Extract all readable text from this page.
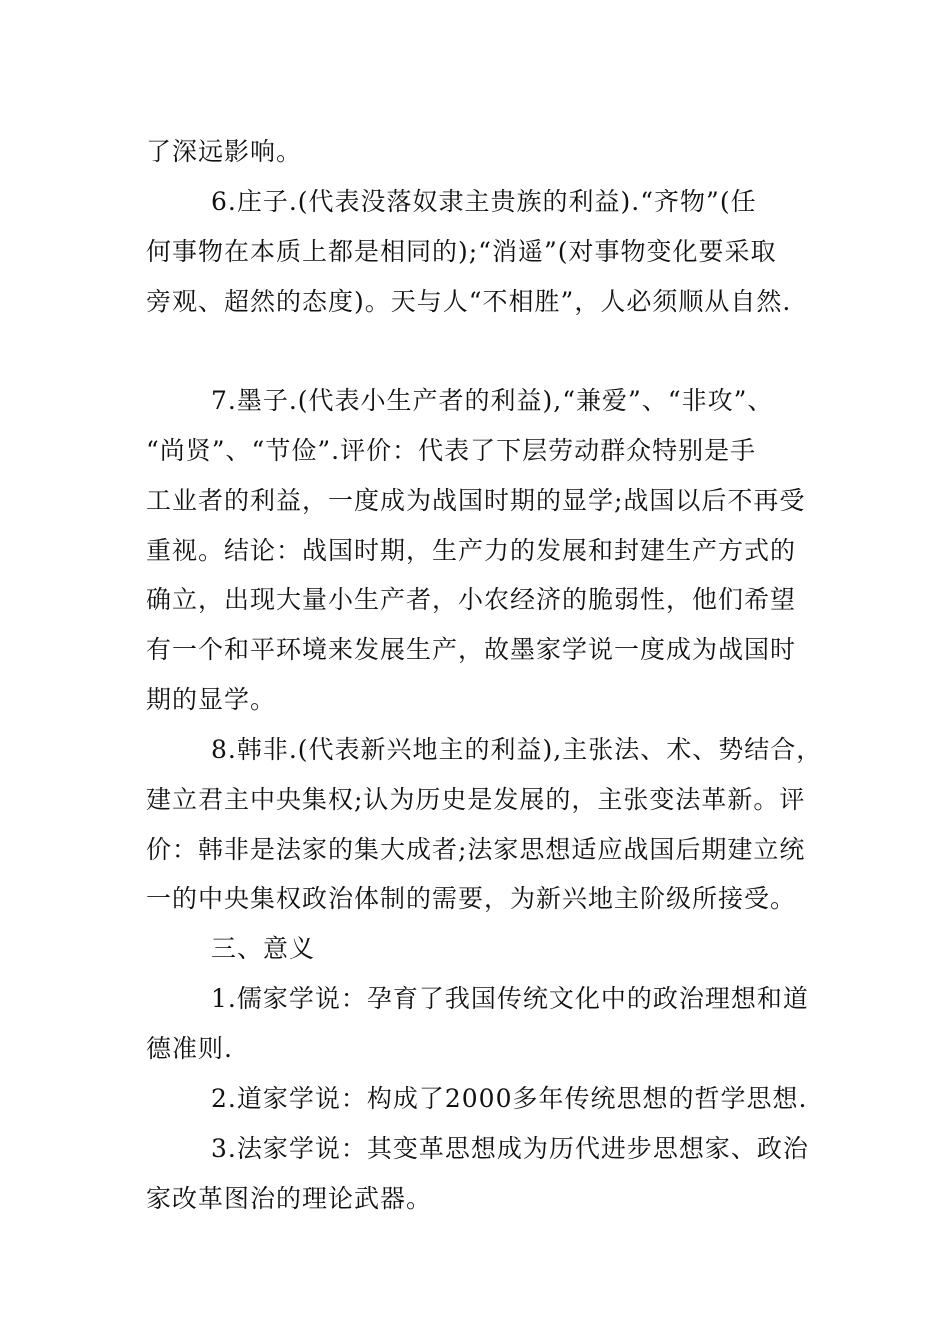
了深远影响。
6.庄子.(代表没落奴隶主贵族的利益).“齐物”(任
何事物在本质上都是相同的);“消遥”(对事物变化要采取
旁观、超然的态度)。天与人“不相胜”，人必须顺从自然.
7.墨子.(代表小生产者的利益),“兼爱”、“非攻”、
“尚贤”、“节俭”.评价：代表了下层劳动群众特别是手
工业者的利益，一度成为战国时期的显学;战国以后不再受
重视。结论：战国时期，生产力的发展和封建生产方式的
确立，出现大量小生产者，小农经济的脆弱性，他们希望
有一个和平环境来发展生产，故墨家学说一度成为战国时
期的显学。
8.韩非.(代表新兴地主的利益),主张法、术、势结合，
建立君主中央集权;认为历史是发展的，主张变法革新。评
价：韩非是法家的集大成者;法家思想适应战国后期建立统
一的中央集权政治体制的需要，为新兴地主阶级所接受。
三、意义
1.儒家学说：孕育了我国传统文化中的政治理想和道
德准则.
2.道家学说：构成了2000多年传统思想的哲学思想.
3.法家学说：其变革思想成为历代进步思想家、政治
家改革图治的理论武器。
